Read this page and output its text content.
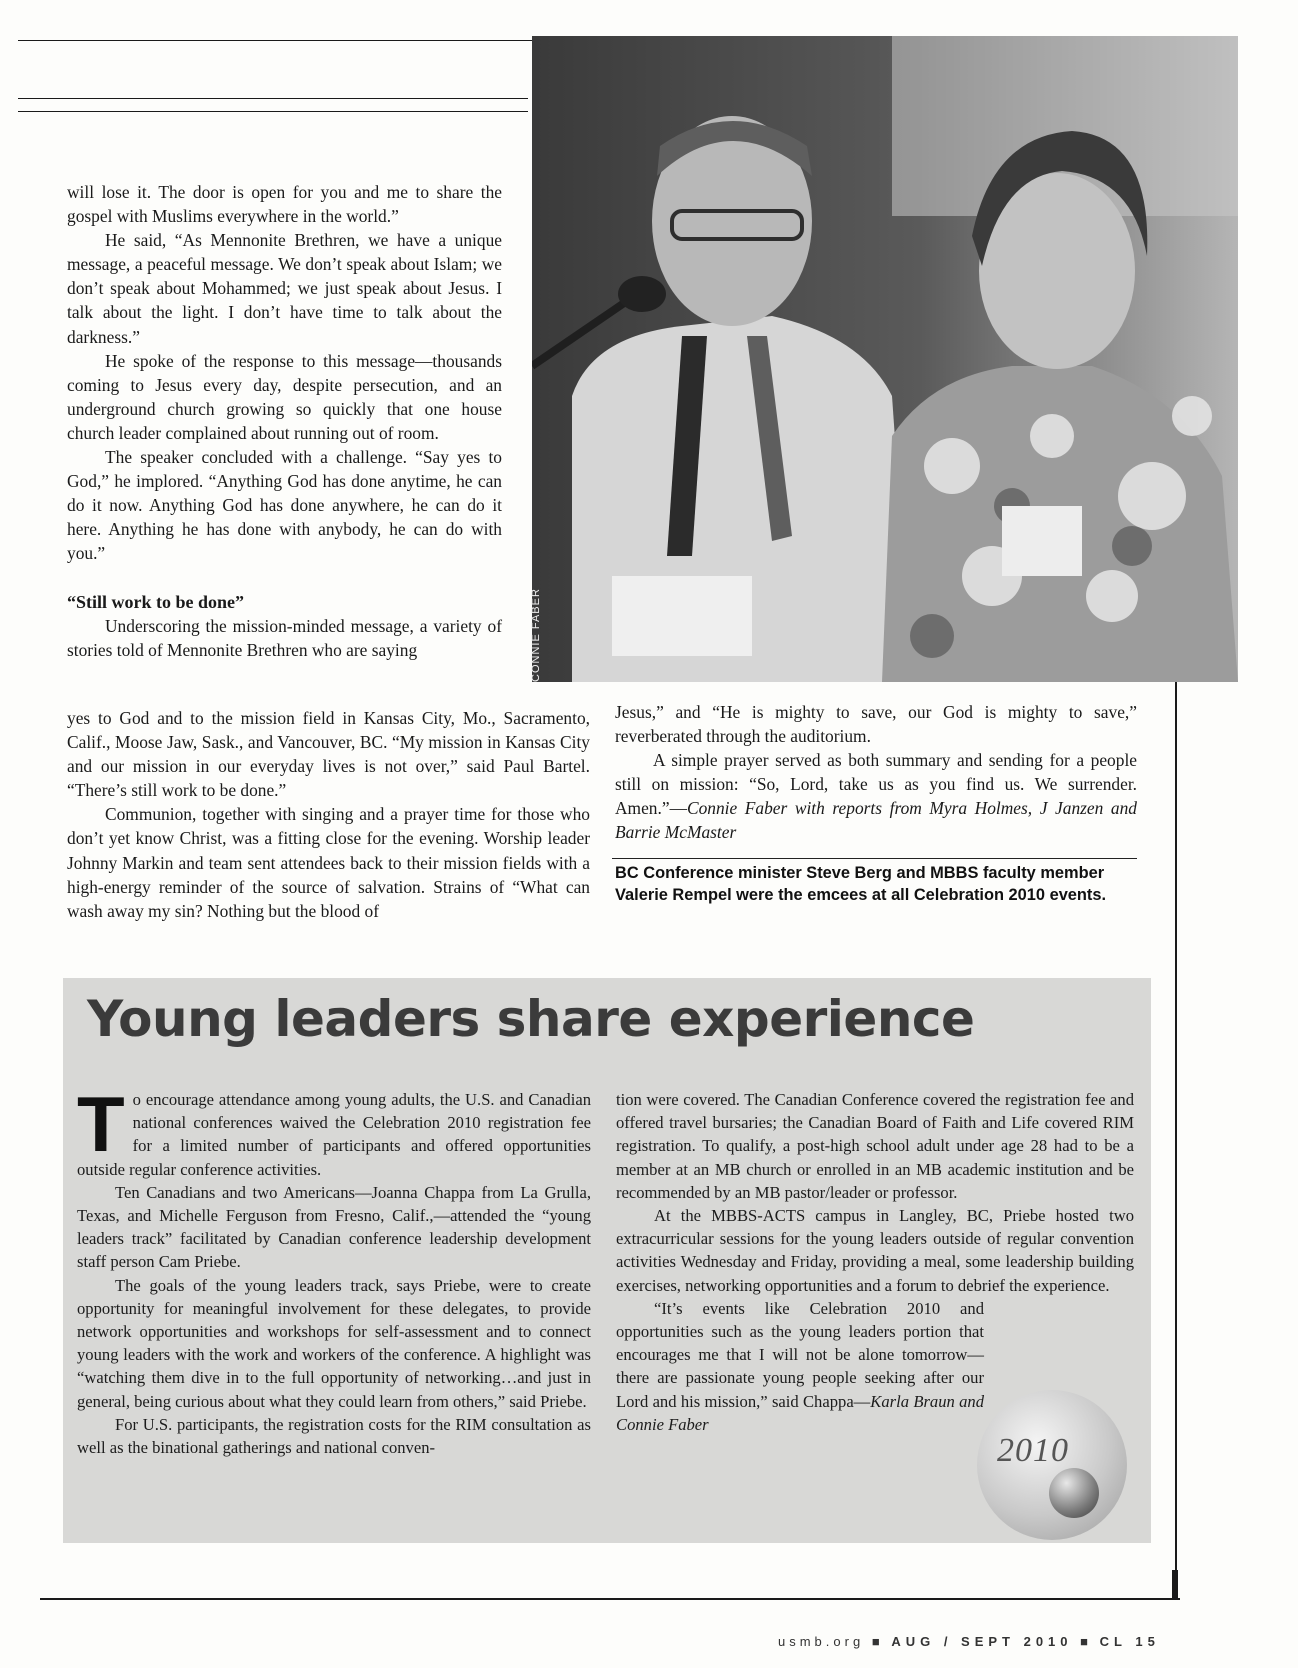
will lose it. The door is open for you and me to share the gospel with Muslims everywhere in the world.”

He said, “As Mennonite Brethren, we have a unique message, a peaceful message. We don’t speak about Islam; we don’t speak about Mohammed; we just speak about Jesus. I talk about the light. I don’t have time to talk about the darkness.”

He spoke of the response to this message—thousands coming to Jesus every day, despite persecution, and an underground church growing so quickly that one house church leader complained about running out of room.

The speaker concluded with a challenge. “Say yes to God,” he implored. “Anything God has done anytime, he can do it now. Anything God has done anywhere, he can do it here. Anything he has done with anybody, he can do with you.”

“Still work to be done”

Underscoring the mission-minded message, a variety of stories told of Mennonite Brethren who are saying

yes to God and to the mission field in Kansas City, Mo., Sacramento, Calif., Moose Jaw, Sask., and Vancouver, BC. “My mission in Kansas City and our mission in our everyday lives is not over,” said Paul Bartel. “There’s still work to be done.”

Communion, together with singing and a prayer time for those who don’t yet know Christ, was a fitting close for the evening. Worship leader Johnny Markin and team sent attendees back to their mission fields with a high-energy reminder of the source of salvation. Strains of “What can wash away my sin? Nothing but the blood of

CONNIE FABER

Jesus,” and “He is mighty to save, our God is mighty to save,” reverberated through the auditorium.

A simple prayer served as both summary and sending for a people still on mission: “So, Lord, take us as you find us. We surrender. Amen.”—Connie Faber with reports from Myra Holmes, J Janzen and Barrie McMaster

BC Conference minister Steve Berg and MBBS faculty member Valerie Rempel were the emcees at all Celebration 2010 events.
Young leaders share experience

To encourage attendance among young adults, the U.S. and Canadian national conferences waived the Celebration 2010 registration fee for a limited number of participants and offered opportunities outside regular conference activities.

Ten Canadians and two Americans—Joanna Chappa from La Grulla, Texas, and Michelle Ferguson from Fresno, Calif.,—attended the “young leaders track” facilitated by Canadian conference leadership development staff person Cam Priebe.

The goals of the young leaders track, says Priebe, were to create opportunity for meaningful involvement for these delegates, to provide network opportunities and workshops for self-assessment and to connect young leaders with the work and workers of the conference. A highlight was “watching them dive in to the full opportunity of networking…and just in general, being curious about what they could learn from others,” said Priebe.

For U.S. participants, the registration costs for the RIM consultation as well as the binational gatherings and national conven-

tion were covered. The Canadian Conference covered the registration fee and offered travel bursaries; the Canadian Board of Faith and Life covered RIM registration. To qualify, a post-high school adult under age 28 had to be a member at an MB church or enrolled in an MB academic institution and be recommended by an MB pastor/leader or professor.

At the MBBS-ACTS campus in Langley, BC, Priebe hosted two extracurricular sessions for the young leaders outside of regular convention activities Wednesday and Friday, providing a meal, some leadership building exercises, networking opportunities and a forum to debrief the experience.

“It’s events like Celebration 2010 and opportunities such as the young leaders portion that encourages me that I will not be alone tomorrow—there are passionate young people seeking after our Lord and his mission,” said Chappa—Karla Braun and Connie Faber

2010
usmb.org ■ AUG / SEPT 2010 ■ CL 15
